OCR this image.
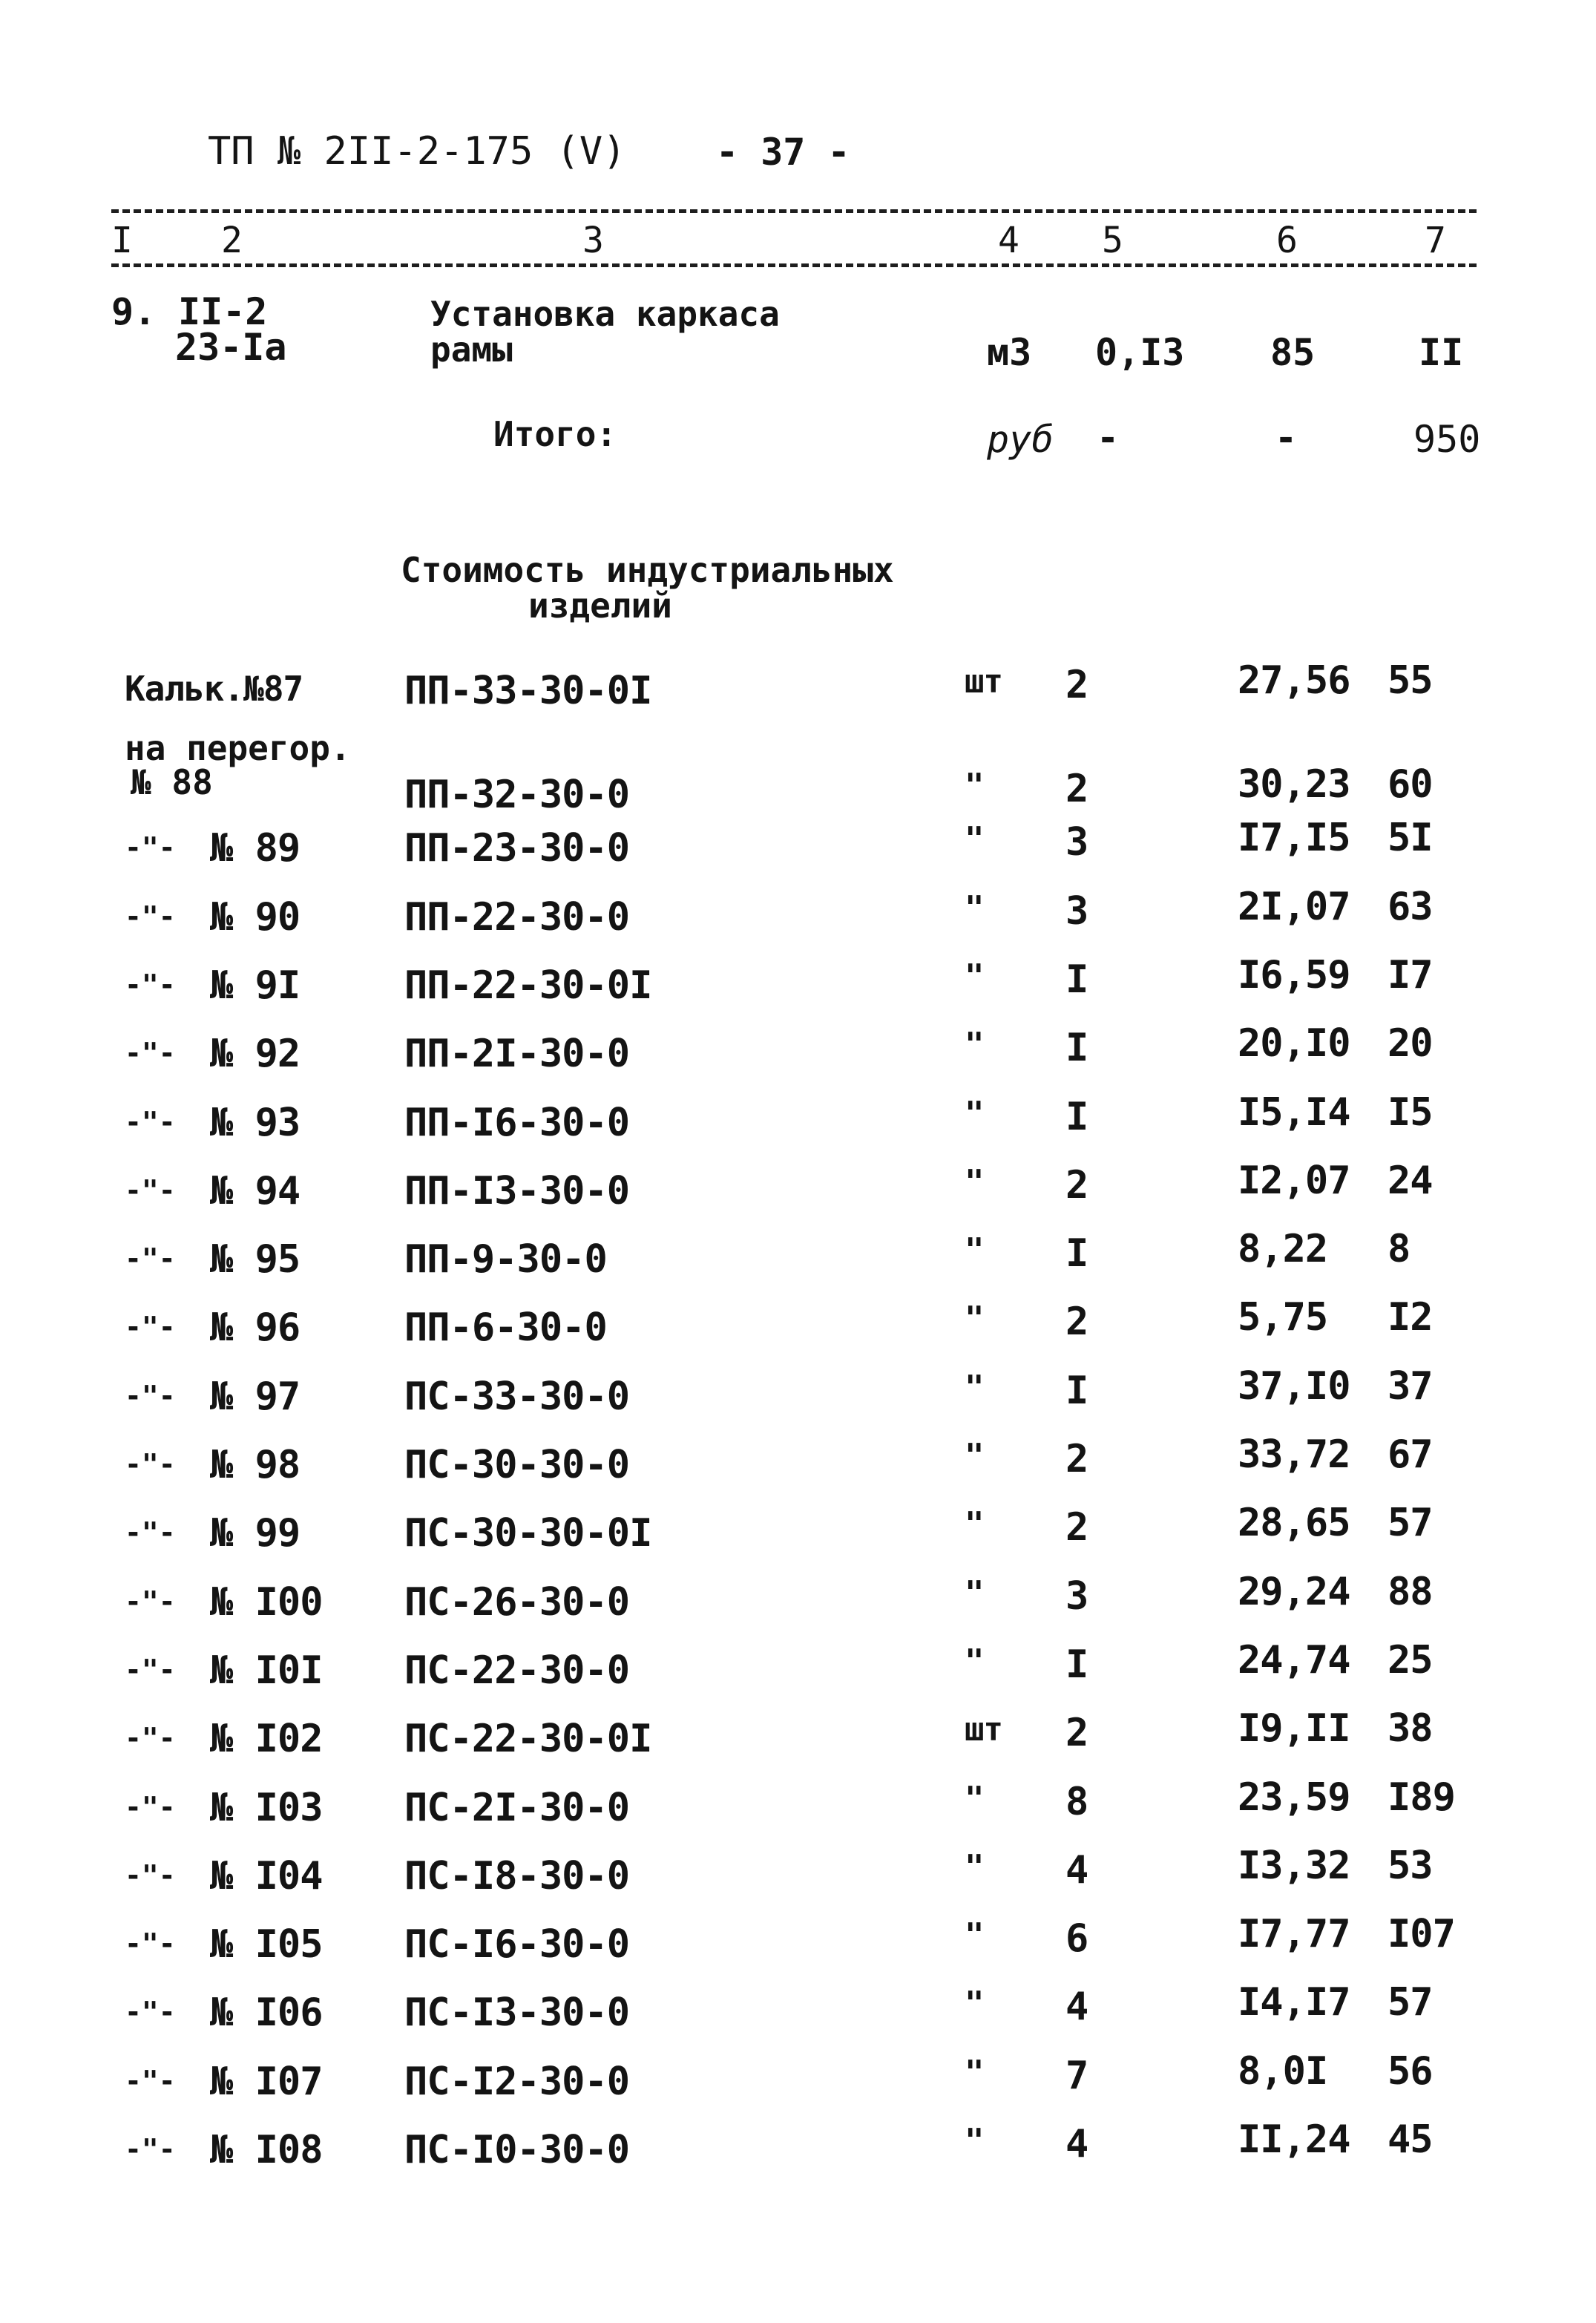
ТП № 2II-2-175 (V) - 37 -
I 2	3	4 5	6	7
9. II-2
23-Iа
Установка каркаса
рамы	м3 0,I3 85	II
Итого:	руб -	-	950
Стоимость индустриальных
изделий
Кальк.№87	ПП-33-30-0I	шт 2	27,56 55
на перегор.
№ 88	ПП-32-30-0	" 2	30,23 60
-"- № 89	ПП-23-30-0	" 3	I7,I5 5I
-"- № 90	ПП-22-30-0	" 3	2I,07 63
-"- № 9I	ПП-22-30-0I	" I	I6,59 I7
-"- № 92	ПП-2I-30-0	" I	20,I0 20
-"- № 93	ПП-I6-30-0	" I	I5,I4 I5
-"- № 94	ПП-I3-30-0	" 2	I2,07 24
-"- № 95	ПП-9-30-0	" I	8,22 8
-"- № 96	ПП-6-30-0	" 2	5,75 I2
-"- № 97	ПС-33-30-0	" I	37,I0 37
-"- № 98	ПС-30-30-0	" 2	33,72 67
-"- № 99	ПС-30-30-0I	" 2	28,65 57
-"- № I00 ПС-26-30-0	" 3	29,24 88
-"- № I0I ПС-22-30-0	" I	24,74 25
-"- № I02 ПС-22-30-0I	шт 2	I9,II 38
-"- № I03 ПС-2I-30-0	" 8	23,59 I89
-"- № I04 ПС-I8-30-0	" 4	I3,32 53
-"- № I05 ПС-I6-30-0	" 6	I7,77 I07
-"- № I06 ПС-I3-30-0	" 4	I4,I7 57
-"- № I07 ПС-I2-30-0	" 7	8,0I 56
-"- № I08 ПС-I0-30-0	" 4	II,24 45
